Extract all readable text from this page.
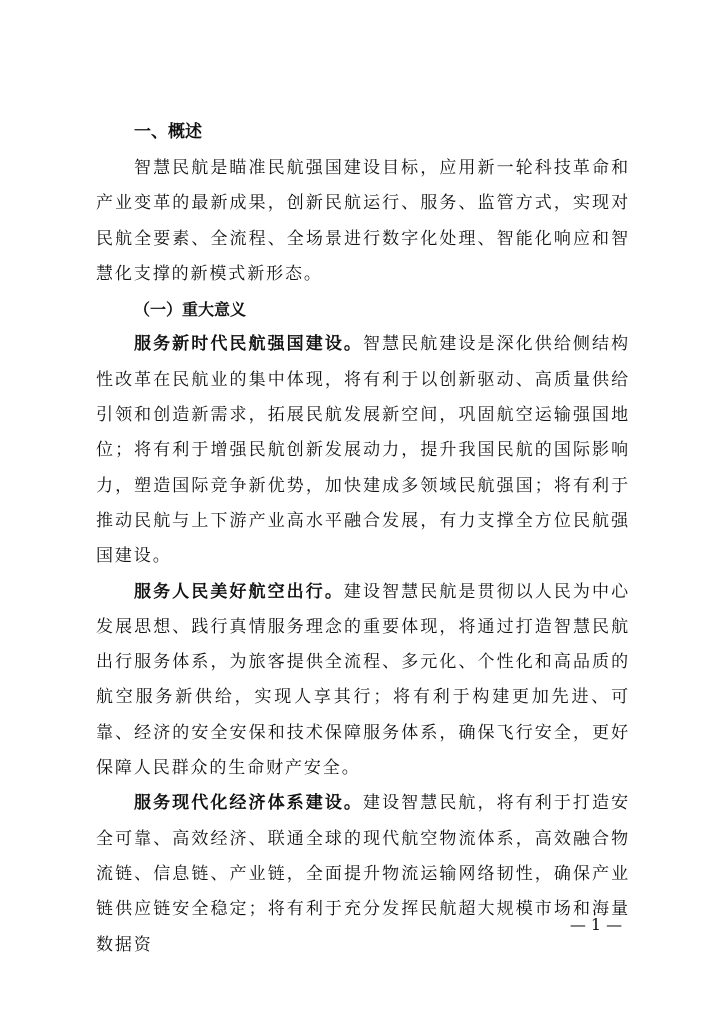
一、概述

智慧民航是瞄准民航强国建设目标，应用新一轮科技革命和产业变革的最新成果，创新民航运行、服务、监管方式，实现对民航全要素、全流程、全场景进行数字化处理、智能化响应和智慧化支撑的新模式新形态。

（一）重大意义

服务新时代民航强国建设。智慧民航建设是深化供给侧结构性改革在民航业的集中体现，将有利于以创新驱动、高质量供给引领和创造新需求，拓展民航发展新空间，巩固航空运输强国地位；将有利于增强民航创新发展动力，提升我国民航的国际影响力，塑造国际竞争新优势，加快建成多领域民航强国；将有利于推动民航与上下游产业高水平融合发展，有力支撑全方位民航强国建设。

服务人民美好航空出行。建设智慧民航是贯彻以人民为中心发展思想、践行真情服务理念的重要体现，将通过打造智慧民航出行服务体系，为旅客提供全流程、多元化、个性化和高品质的航空服务新供给，实现人享其行；将有利于构建更加先进、可靠、经济的安全安保和技术保障服务体系，确保飞行安全，更好保障人民群众的生命财产安全。

服务现代化经济体系建设。建设智慧民航，将有利于打造安全可靠、高效经济、联通全球的现代航空物流体系，高效融合物流链、信息链、产业链，全面提升物流运输网络韧性，确保产业链供应链安全稳定；将有利于充分发挥民航超大规模市场和海量数据资

— 1 —
